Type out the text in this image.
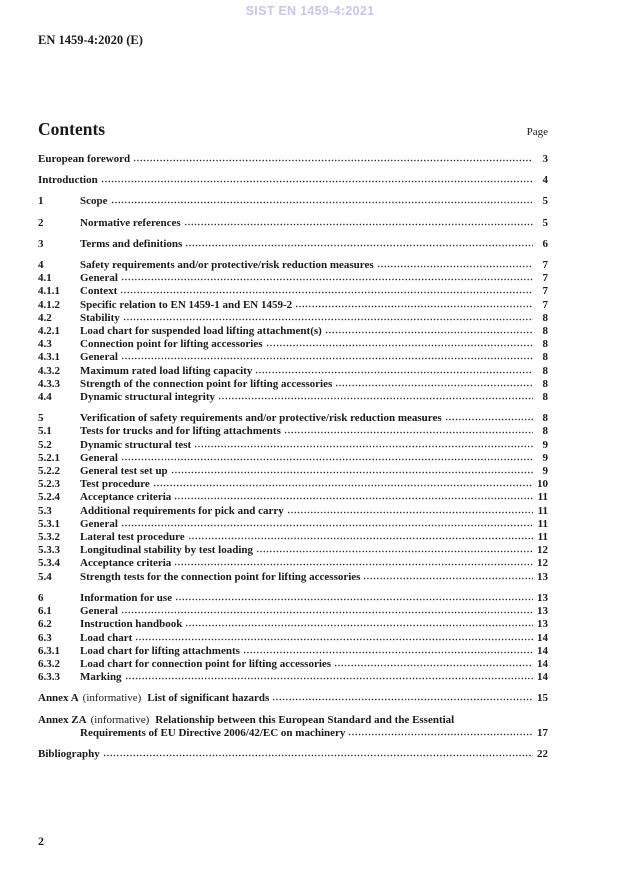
SIST EN 1459-4:2021
EN 1459-4:2020 (E)
Contents	Page
European foreword	3
Introduction	4
1	Scope	5
2	Normative references	5
3	Terms and definitions	6
4	Safety requirements and/or protective/risk reduction measures	7
4.1	General	7
4.1.1	Context	7
4.1.2	Specific relation to EN 1459-1 and EN 1459-2	7
4.2	Stability	8
4.2.1	Load chart for suspended load lifting attachment(s)	8
4.3	Connection point for lifting accessories	8
4.3.1	General	8
4.3.2	Maximum rated load lifting capacity	8
4.3.3	Strength of the connection point for lifting accessories	8
4.4	Dynamic structural integrity	8
5	Verification of safety requirements and/or protective/risk reduction measures	8
5.1	Tests for trucks and for lifting attachments	8
5.2	Dynamic structural test	9
5.2.1	General	9
5.2.2	General test set up	9
5.2.3	Test procedure	10
5.2.4	Acceptance criteria	11
5.3	Additional requirements for pick and carry	11
5.3.1	General	11
5.3.2	Lateral test procedure	11
5.3.3	Longitudinal stability by test loading	12
5.3.4	Acceptance criteria	12
5.4	Strength tests for the connection point for lifting accessories	13
6	Information for use	13
6.1	General	13
6.2	Instruction handbook	13
6.3	Load chart	14
6.3.1	Load chart for lifting attachments	14
6.3.2	Load chart for connection point for lifting accessories	14
6.3.3	Marking	14
Annex A (informative) List of significant hazards	15
Annex ZA (informative) Relationship between this European Standard and the Essential
Requirements of EU Directive 2006/42/EC on machinery	17
Bibliography	22
2
